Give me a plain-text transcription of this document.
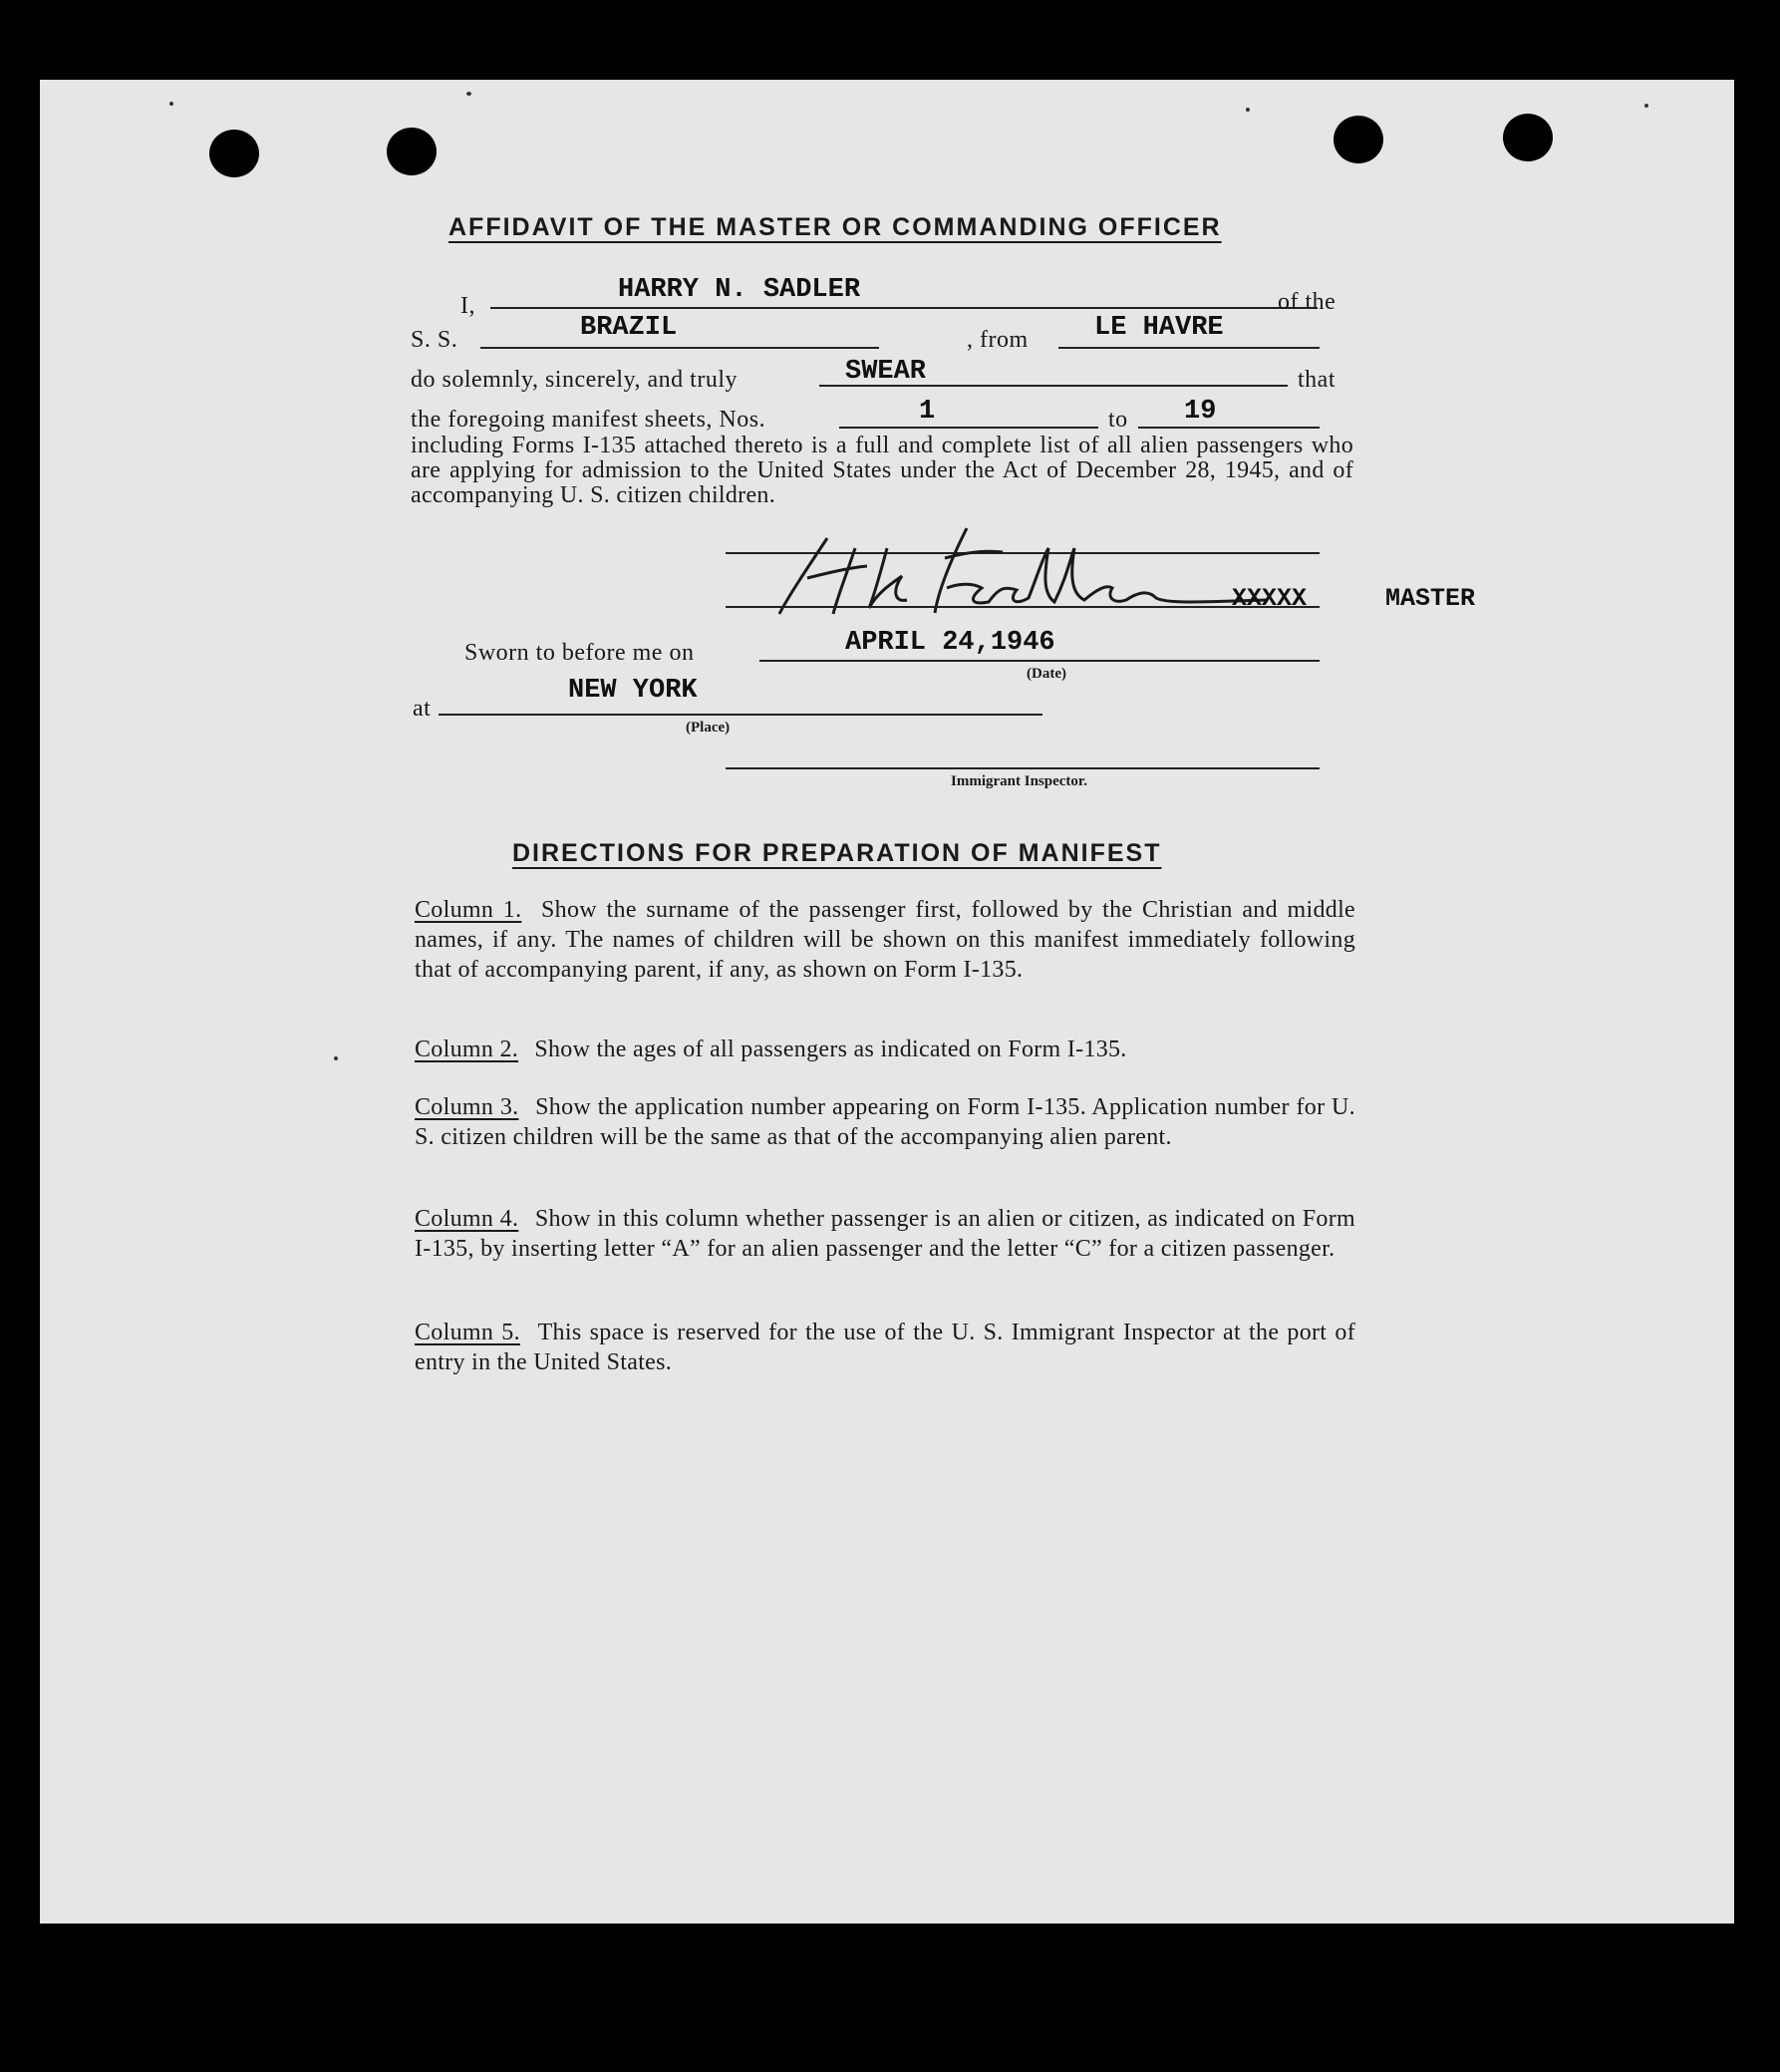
AFFIDAVIT OF THE MASTER OR COMMANDING OFFICER
I,
HARRY N. SADLER	of the
S. S.	BRAZIL	, from LE HAVRE
do solemnly, sincerely, and truly	SWEAR	that
the foregoing manifest sheets, Nos.	1	to 19
including Forms I-135 attached thereto is a full and complete list of all alien passengers who are applying for admission to the United States under the Act of December 28, 1945, and of accompanying U. S. citizen children.
XXXXX	MASTER
Sworn to before me on	APRIL 24,1946
(Date)
at
NEW YORK
(Place)
Immigrant Inspector.
DIRECTIONS FOR PREPARATION OF MANIFEST
Column 1. Show the surname of the passenger first, followed by the Christian and middle names, if any. The names of children will be shown on this manifest immediately following that of accompanying parent, if any, as shown on Form I-135.
Column 2. Show the ages of all passengers as indicated on Form I-135.
Column 3. Show the application number appearing on Form I-135. Application number for U. S. citizen children will be the same as that of the accompanying alien parent.
Column 4. Show in this column whether passenger is an alien or citizen, as indicated on Form I-135, by inserting letter “A” for an alien passenger and the letter “C” for a citizen passenger.
Column 5. This space is reserved for the use of the U. S. Immigrant Inspector at the port of entry in the United States.
